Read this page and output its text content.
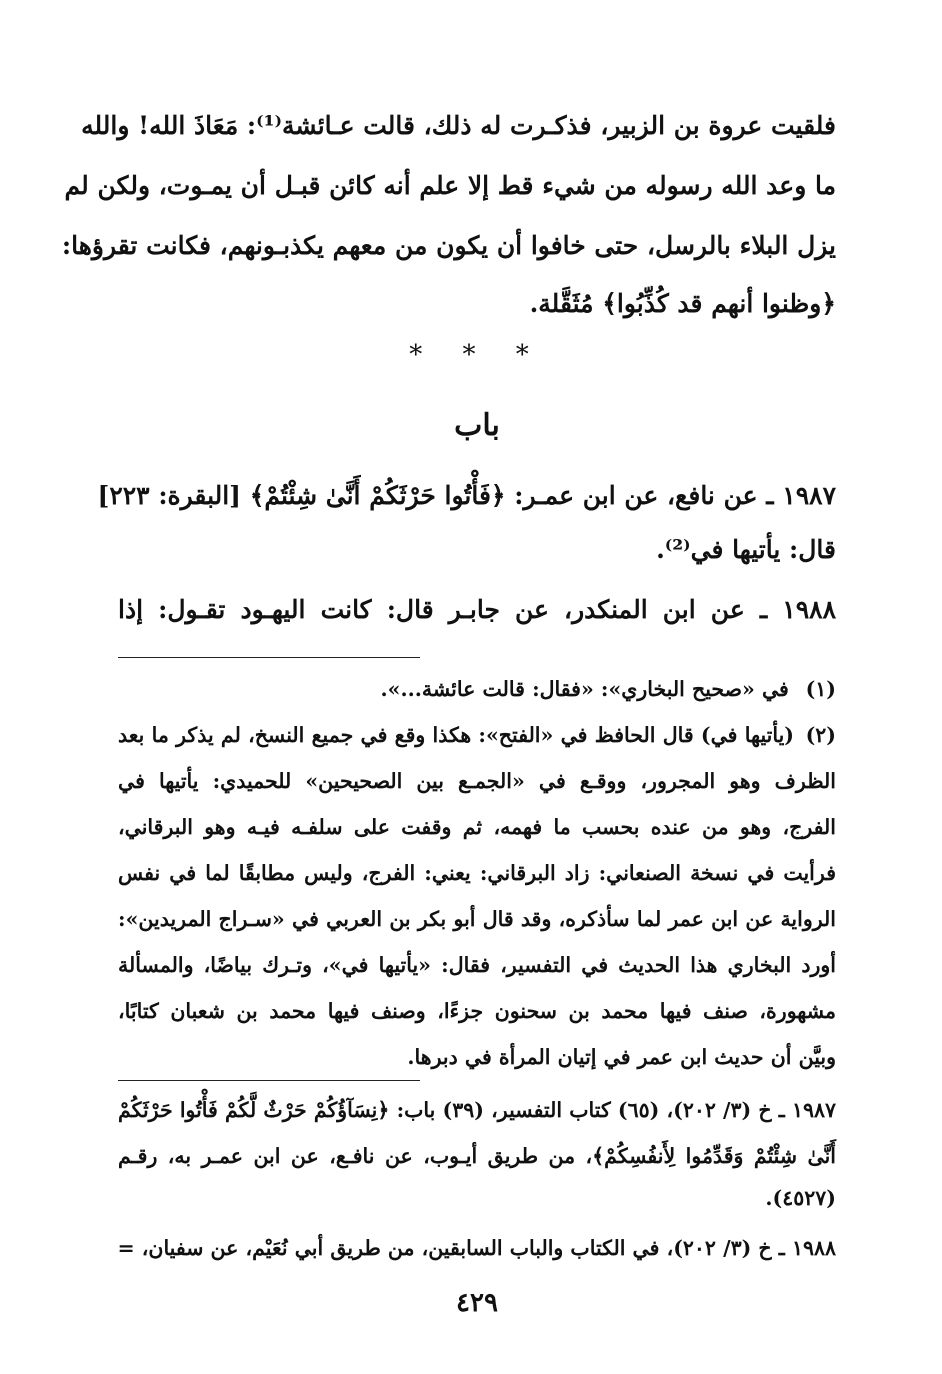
فلقيت عروة بن الزبير، فذكـرت له ذلك، قالت عـائشة⁽¹⁾: مَعَاذَ الله! والله
ما وعد الله رسوله من شيء قط إلا علم أنه كائن قبـل أن يمـوت، ولكن لم
يزل البلاء بالرسل، حتى خافوا أن يكون من معهم يكذبـونهم، فكانت تقرؤها:
﴿وظنوا أنهم قد كُذِّبُوا﴾ مُثَقَّلة.
* * *
باب
١٩٨٧ ـ عن نافع، عن ابن عمـر: ﴿فَأْتُوا حَرْثَكُمْ أَنَّىٰ شِئْتُمْ﴾ [البقرة: ٢٢٣]
قال: يأتيها في⁽²⁾.
١٩٨٨ ـ عن ابن المنكدر، عن جابـر قال: كانت اليهـود تقـول: إذا
(١) في «صحيح البخاري»: «فقال: قالت عائشة...».
(٢)
(يأتيها في) قال الحافظ في «الفتح»: هكذا وقع في جميع النسخ، لم يذكر ما بعد
الظرف وهو المجرور، ووقـع في «الجمـع بين الصحيحين» للحميدي: يأتيها في
الفرج، وهو من عنده بحسب ما فهمه، ثم وقفت على سلفـه فيـه وهو البرقاني،
فرأيت في نسخة الصنعاني: زاد البرقاني: يعني: الفرج، وليس مطابقًا لما في نفس
الرواية عن ابن عمر لما سأذكره، وقد قال أبو بكر بن العربي في «سـراج المريدين»:
أورد البخاري هذا الحديث في التفسير، فقال: «يأتيها في»، وتـرك بياضًا، والمسألة
مشهورة، صنف فيها محمد بن سحنون جزءًا، وصنف فيها محمد بن شعبان كتابًا،
وبيَّن أن حديث ابن عمر في إتيان المرأة في دبرها.
١٩٨٧ ـ خ (٣/ ٢٠٢)، (٦٥) كتاب التفسير، (٣٩) باب: ﴿نِسَآؤُكُمْ حَرْثٌ لَّكُمْ فَأْتُوا حَرْثَكُمْ
أَنَّىٰ شِئْتُمْ وَقَدِّمُوا لِأَنفُسِكُمْ﴾، من طريق أيـوب، عن نافـع، عن ابن عمـر به، رقـم
(٤٥٢٧).
١٩٨٨ ـ خ (٣/ ٢٠٢)، في الكتاب والباب السابقين، من طريق أبي نُعَيْم، عن سفيان، =
٤٢٩
